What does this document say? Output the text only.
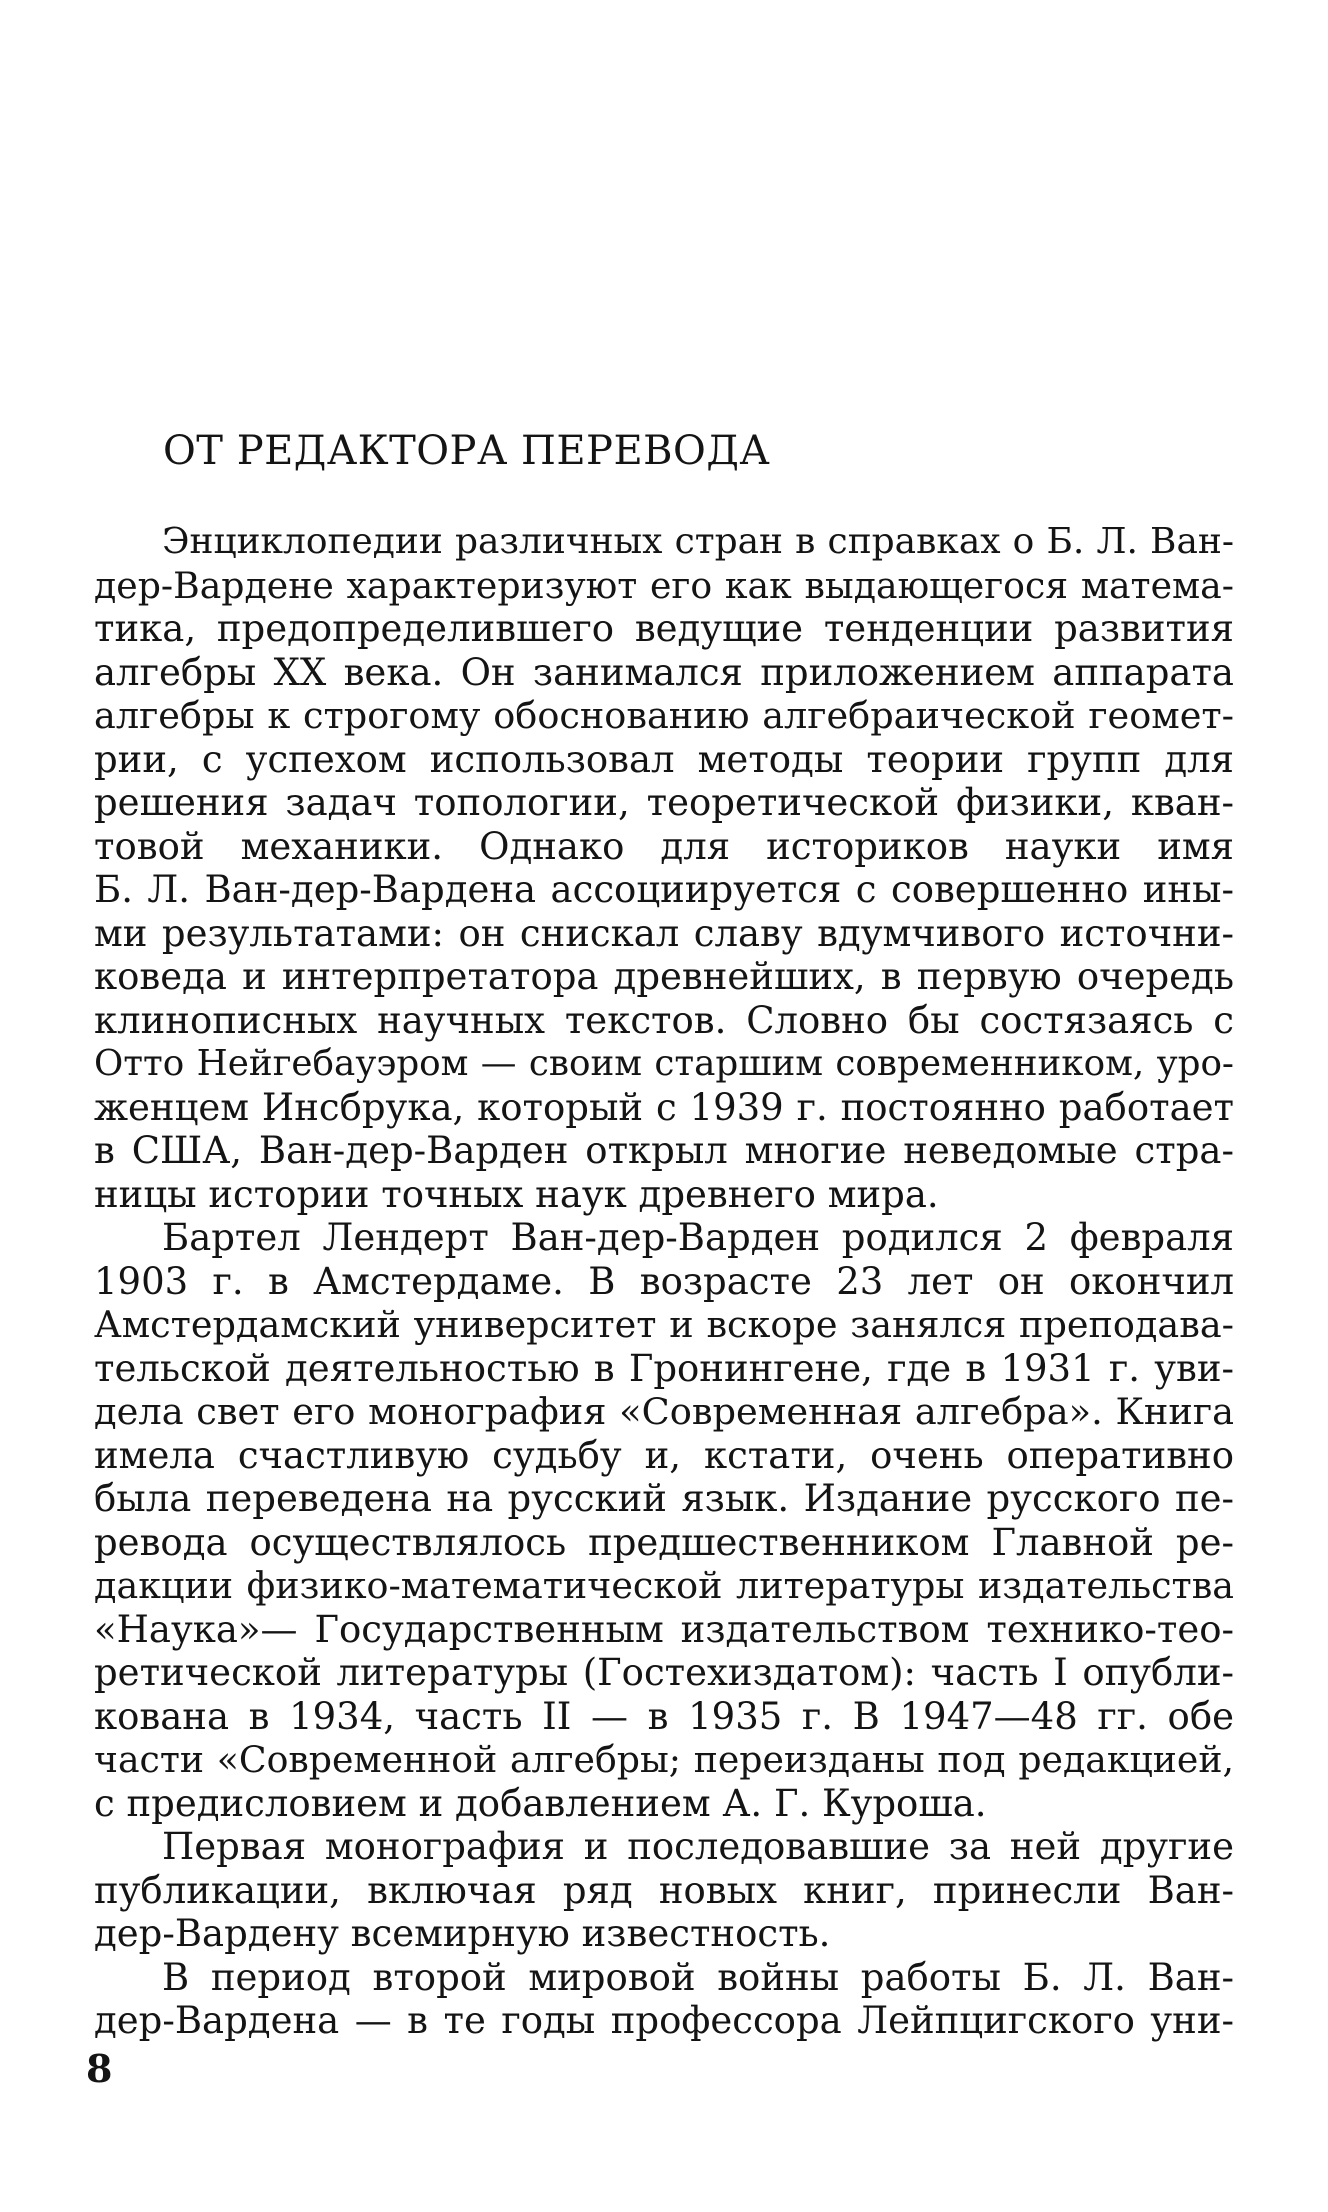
ОТ РЕДАКТОРА ПЕРЕВОДА
Энциклопедии различных стран в справках о Б. Л. Ван-
дер-Вардене характеризуют его как выдающегося матема-
тика, предопределившего ведущие тенденции развития
алгебры XX века. Он занимался приложением аппарата
алгебры к строгому обоснованию алгебраической геомет-
рии, с успехом использовал методы теории групп для
решения задач топологии, теоретической физики, кван-
товой механики. Однако для историков науки имя
Б. Л. Ван-дер-Вардена ассоциируется с совершенно ины-
ми результатами: он снискал славу вдумчивого источни-
коведа и интерпретатора древнейших, в первую очередь
клинописных научных текстов. Словно бы состязаясь с
Отто Нейгебауэром — своим старшим современником, уро-
женцем Инсбрука, который с 1939 г. постоянно работает
в США, Ван-дер-Варден открыл многие неведомые стра-
ницы истории точных наук древнего мира.
Бартел Лендерт Ван-дер-Варден родился 2 февраля
1903 г. в Амстердаме. В возрасте 23 лет он окончил
Амстердамский университет и вскоре занялся преподава-
тельской деятельностью в Гронингене, где в 1931 г. уви-
дела свет его монография «Современная алгебра». Книга
имела счастливую судьбу и, кстати, очень оперативно
была переведена на русский язык. Издание русского пе-
ревода осуществлялось предшественником Главной ре-
дакции физико-математической литературы издательства
«Наука»— Государственным издательством технико-тео-
ретической литературы (Гостехиздатом): часть I опубли-
кована в 1934, часть II — в 1935 г. В 1947—48 гг. обе
части «Современной алгебры; переизданы под редакцией,
с предисловием и добавлением А. Г. Куроша.
Первая монография и последовавшие за ней другие
публикации, включая ряд новых книг, принесли Ван-
дер-Вардену всемирную известность.
В период второй мировой войны работы Б. Л. Ван-
дер-Вардена — в те годы профессора Лейпцигского уни-
8
